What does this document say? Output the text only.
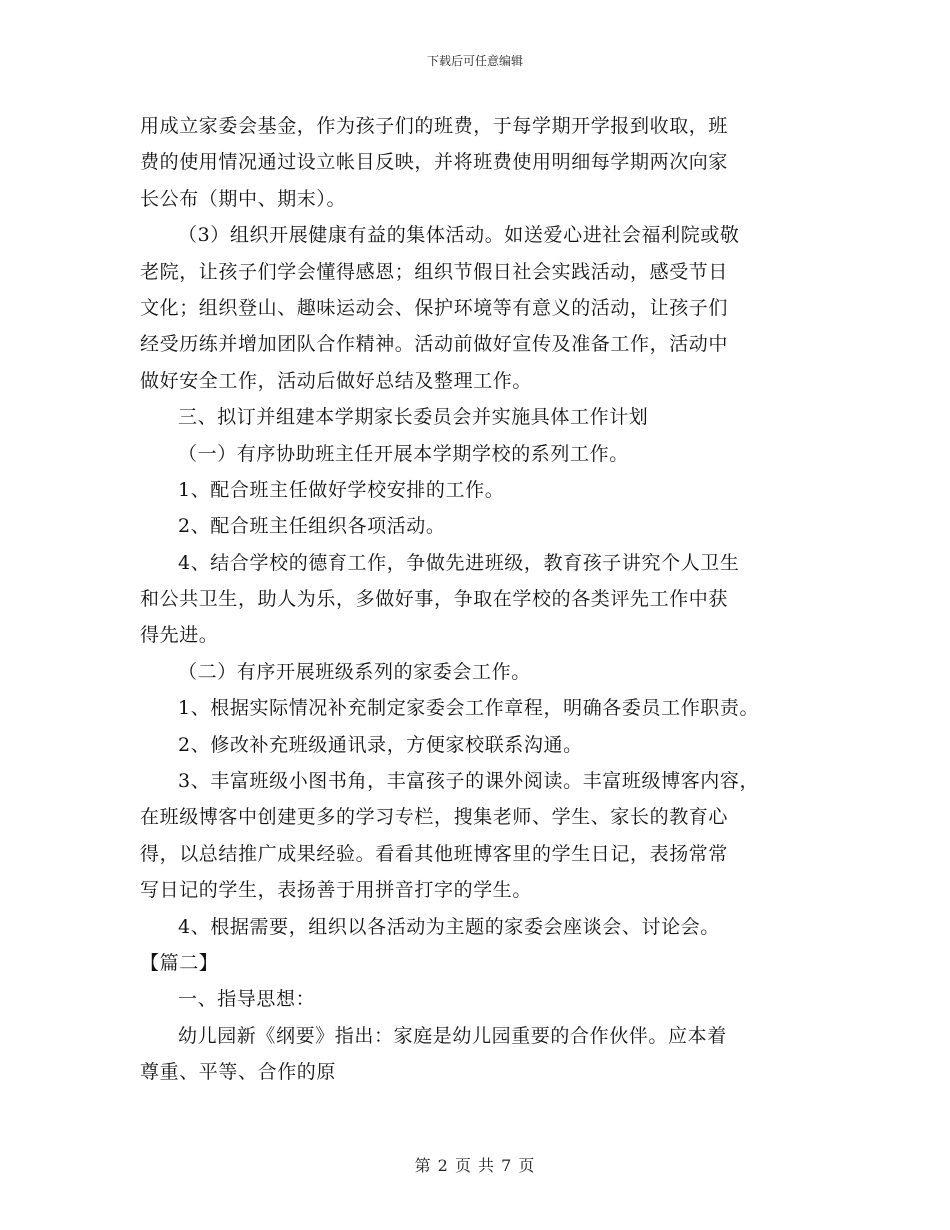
下载后可任意编辑
用成立家委会基金，作为孩子们的班费，于每学期开学报到收取，班
费的使用情况通过设立帐目反映，并将班费使用明细每学期两次向家
长公布（期中、期末）。
（3）组织开展健康有益的集体活动。如送爱心进社会福利院或敬
老院，让孩子们学会懂得感恩；组织节假日社会实践活动，感受节日
文化；组织登山、趣味运动会、保护环境等有意义的活动，让孩子们
经受历练并增加团队合作精神。活动前做好宣传及准备工作，活动中
做好安全工作，活动后做好总结及整理工作。
三、拟订并组建本学期家长委员会并实施具体工作计划
（一）有序协助班主任开展本学期学校的系列工作。
1、配合班主任做好学校安排的工作。
2、配合班主任组织各项活动。
4、结合学校的德育工作，争做先进班级，教育孩子讲究个人卫生
和公共卫生，助人为乐，多做好事，争取在学校的各类评先工作中获
得先进。
（二）有序开展班级系列的家委会工作。
1、根据实际情况补充制定家委会工作章程，明确各委员工作职责。
2、修改补充班级通讯录，方便家校联系沟通。
3、丰富班级小图书角，丰富孩子的课外阅读。丰富班级博客内容，
在班级博客中创建更多的学习专栏，搜集老师、学生、家长的教育心
得，以总结推广成果经验。看看其他班博客里的学生日记，表扬常常
写日记的学生，表扬善于用拼音打字的学生。
4、根据需要，组织以各活动为主题的家委会座谈会、讨论会。
【篇二】
一、指导思想：
幼儿园新《纲要》指出：家庭是幼儿园重要的合作伙伴。应本着
尊重、平等、合作的原
第 2 页 共 7 页
